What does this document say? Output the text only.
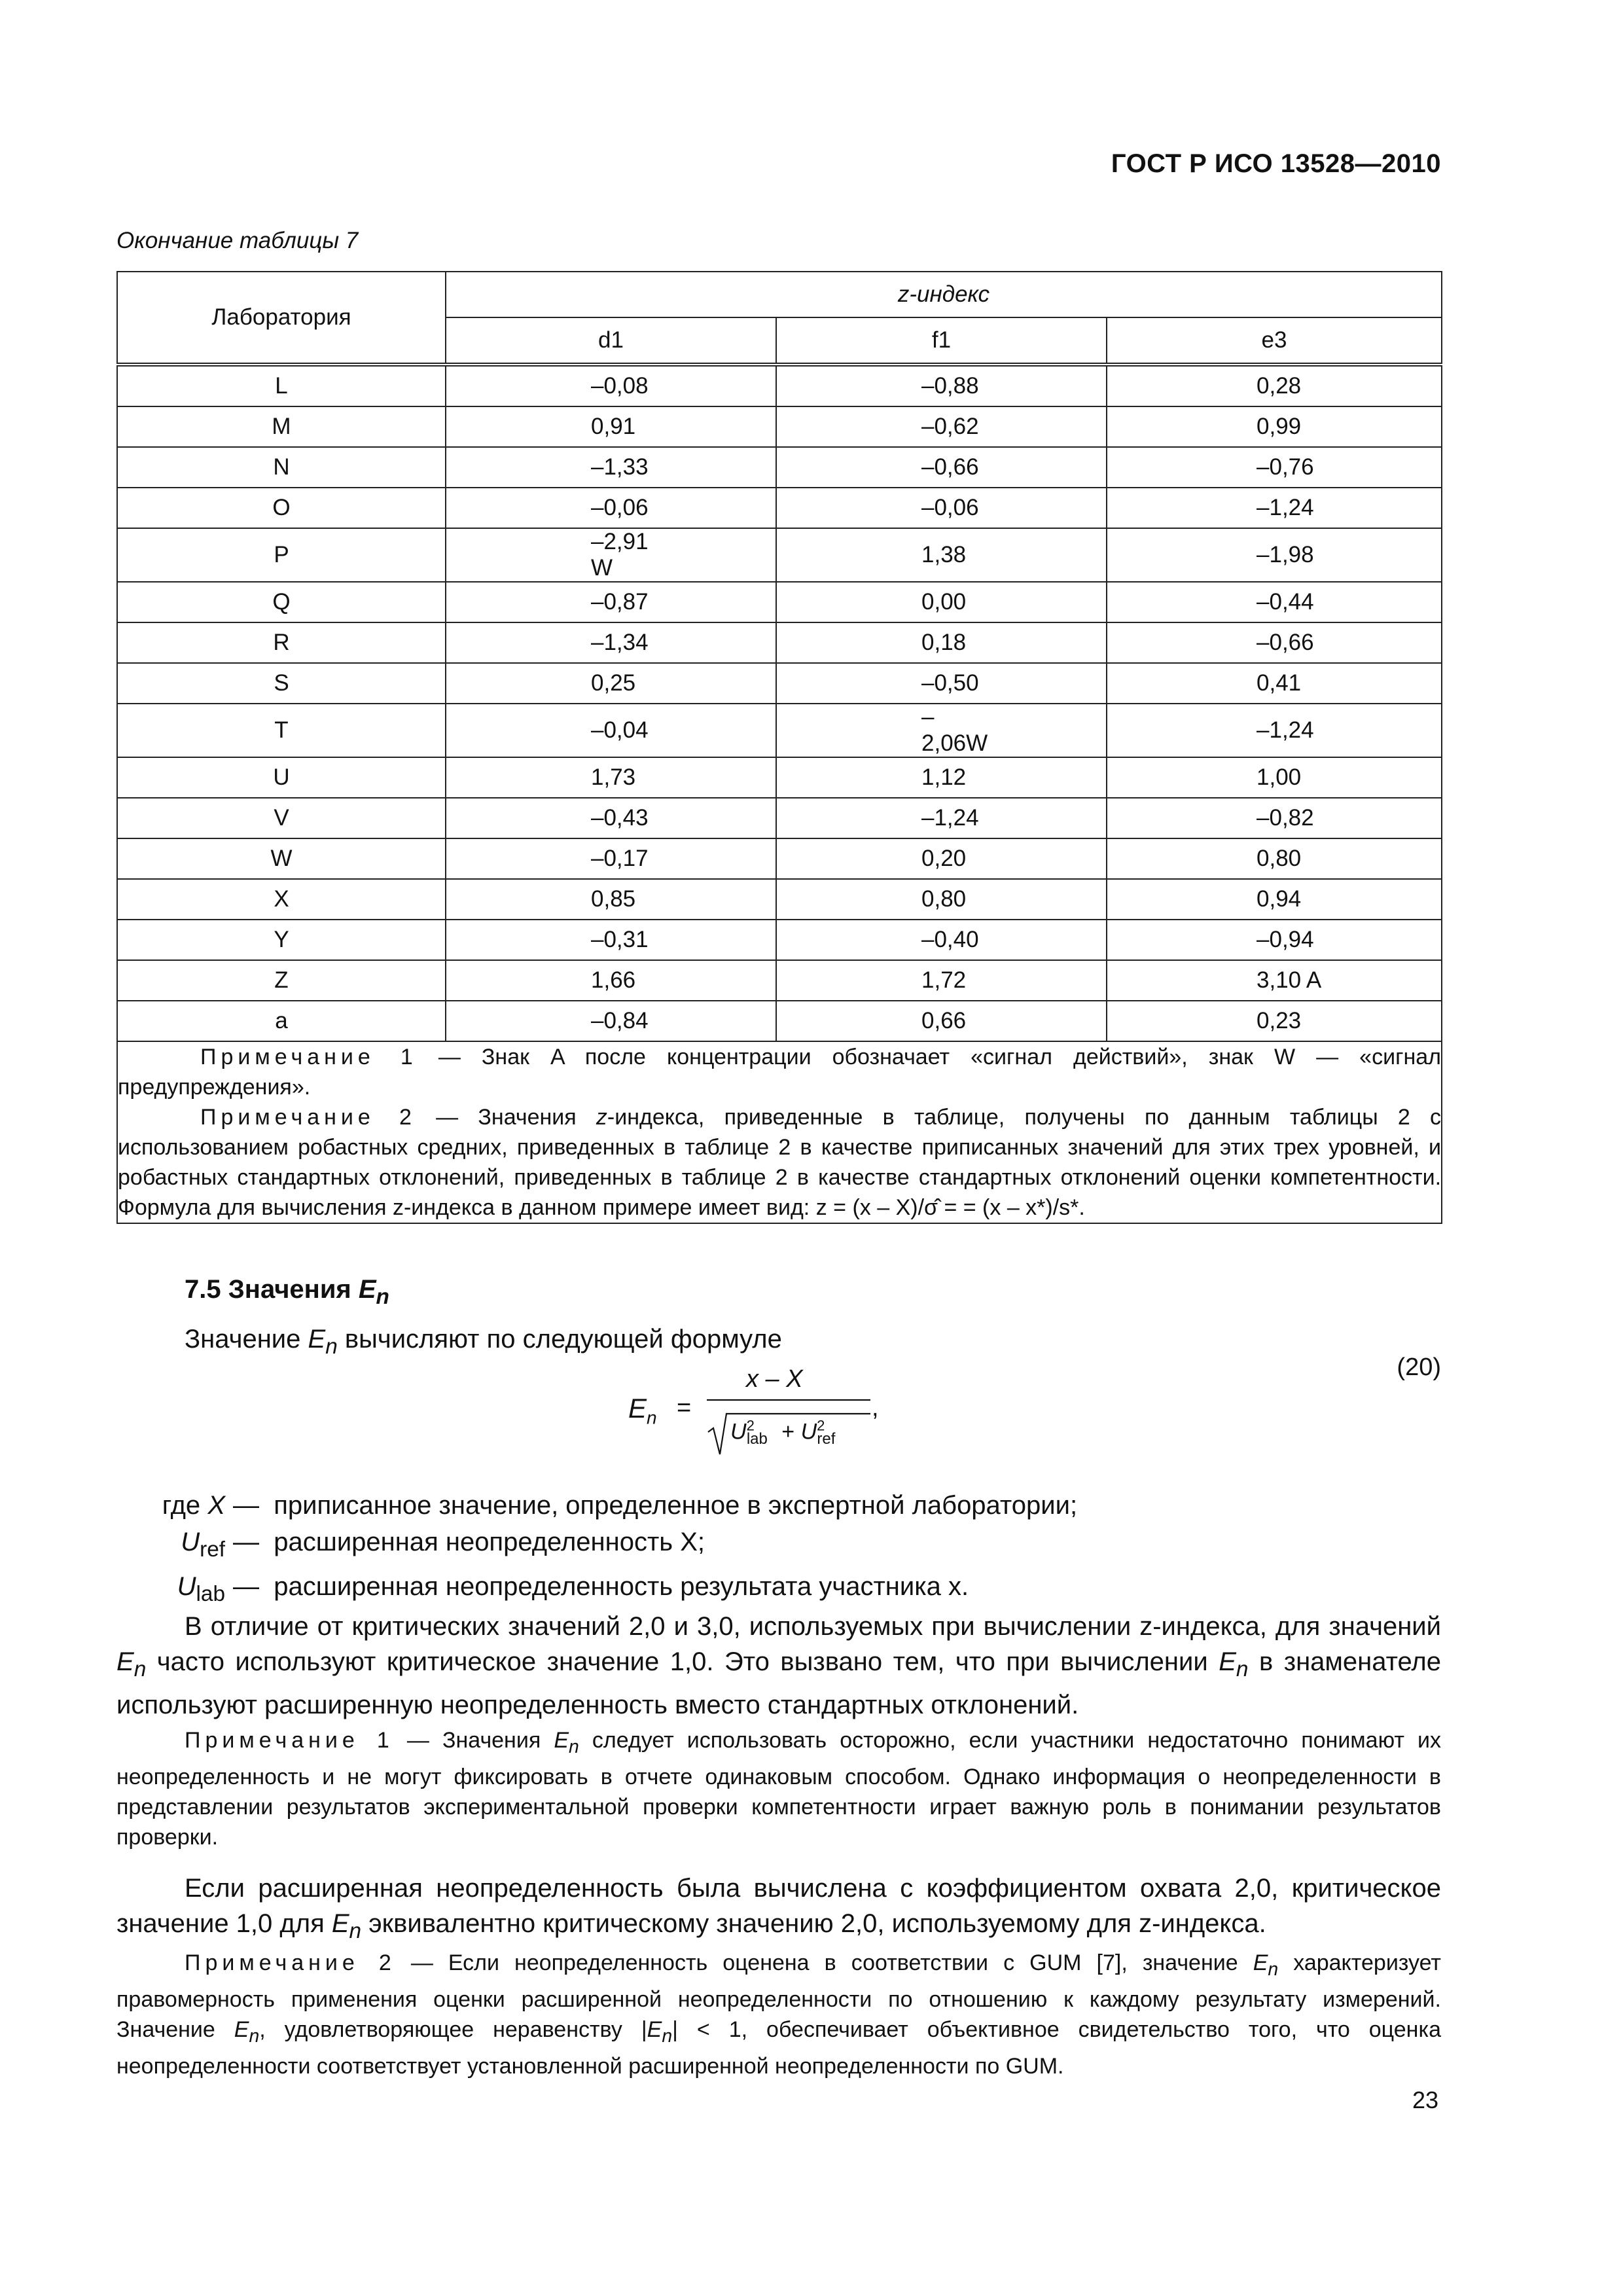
ГОСТ Р ИСО 13528—2010
Окончание таблицы 7
Лаборатория	z-индекс		
	d1	f1	e3
L	–0,08	–0,88	0,28
M	0,91	–0,62	0,99
N	–1,33	–0,66	–0,76
O	–0,06	–0,06	–1,24
P	–2,91 W	1,38	–1,98
Q	–0,87	0,00	–0,44
R	–1,34	0,18	–0,66
S	0,25	–0,50	0,41
T	–0,04	–2,06W	–1,24
U	1,73	1,12	1,00
V	–0,43	–1,24	–0,82
W	–0,17	0,20	0,80
X	0,85	0,80	0,94
Y	–0,31	–0,40	–0,94
Z	1,66	1,72	3,10 A
a	–0,84	0,66	0,23

Примечание 1 — Знак A после концентрации обозначает «сигнал действий», знак W — «сигнал предупреждения».

Примечание 2 — Значения z-индекса, приведенные в таблице, получены по данным таблицы 2 с использованием робастных средних, приведенных в таблице 2 в качестве приписанных значений для этих трех уровней, и робастных стандартных отклонений, приведенных в таблице 2 в качестве стандартных отклонений оценки компетентности. Формула для вычисления z-индекса в данном примере имеет вид: z = (x – X)/σ̂ = = (x – x*)/s*.			

7.5 Значения $E_n$
Значение $E_n$ вычисляют по следующей формуле
(20)
$E_n$ =
x – X
$U^2_{lab} + U^2_{ref}$
,
где X —
приписанное значение, определенное в экспертной лаборатории;
$U_{ref}$ —
расширенная неопределенность X;
$U_{lab}$ —
расширенная неопределенность результата участника x.
В отличие от критических значений 2,0 и 3,0, используемых при вычислении z-индекса, для значений $E_n$ часто используют критическое значение 1,0. Это вызвано тем, что при вычислении $E_n$ в знаменателе используют расширенную неопределенность вместо стандартных отклонений.
Примечание 1 — Значения $E_n$ следует использовать осторожно, если участники недостаточно понимают их неопределенность и не могут фиксировать в отчете одинаковым способом. Однако информация о неопределенности в представлении результатов экспериментальной проверки компетентности играет важную роль в понимании результатов проверки.
Если расширенная неопределенность была вычислена с коэффициентом охвата 2,0, критическое значение 1,0 для $E_n$ эквивалентно критическому значению 2,0, используемому для z-индекса.
Примечание 2 — Если неопределенность оценена в соответствии с GUM [7], значение $E_n$ характеризует правомерность применения оценки расширенной неопределенности по отношению к каждому результату измерений. Значение $E_n$, удовлетворяющее неравенству $|E_n| < 1$, обеспечивает объективное свидетельство того, что оценка неопределенности соответствует установленной расширенной неопределенности по GUM.
23
